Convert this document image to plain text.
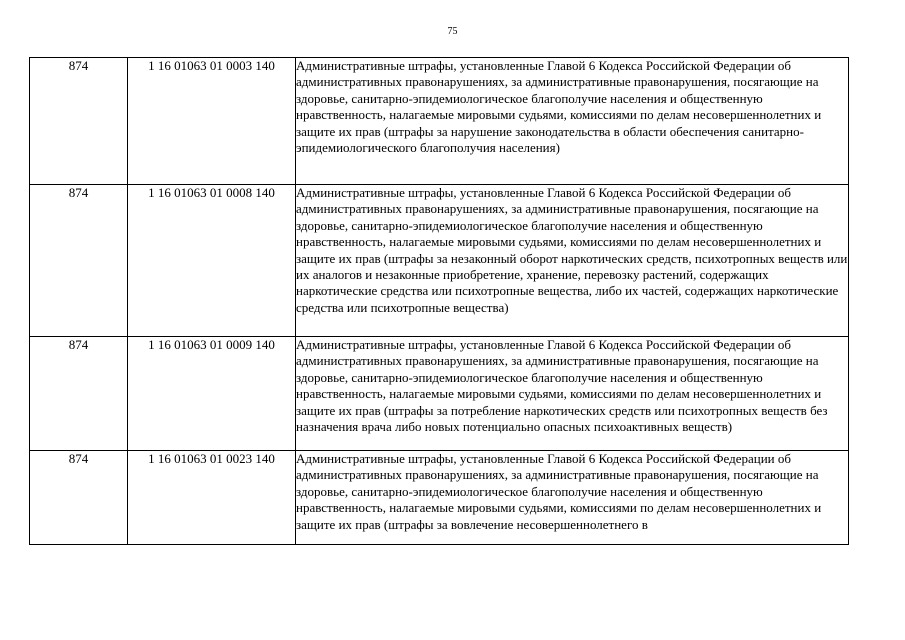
75
874	1 16 01063 01 0003 140	Административные штрафы, установленные Главой 6 Кодекса Российской Федерации об административных правонарушениях, за административные правонарушения, посягающие на здоровье, санитарно-эпидемиологическое благополучие населения и общественную нравственность, налагаемые мировыми судьями, комиссиями по делам несовершеннолетних и защите их прав (штрафы за нарушение законодательства в области обеспечения санитарно-эпидемиологического благополучия населения)

874	1 16 01063 01 0008 140	Административные штрафы, установленные Главой 6 Кодекса Российской Федерации об административных правонарушениях, за административные правонарушения, посягающие на здоровье, санитарно-эпидемиологическое благополучие населения и общественную нравственность, налагаемые мировыми судьями, комиссиями по делам несовершеннолетних и защите их прав (штрафы за незаконный оборот наркотических средств, психотропных веществ или их аналогов и незаконные приобретение, хранение, перевозку растений, содержащих наркотические средства или психотропные вещества, либо их частей, содержащих наркотические средства или психотропные вещества)

874	1 16 01063 01 0009 140	Административные штрафы, установленные Главой 6 Кодекса Российской Федерации об административных правонарушениях, за административные правонарушения, посягающие на здоровье, санитарно-эпидемиологическое благополучие населения и общественную нравственность, налагаемые мировыми судьями, комиссиями по делам несовершеннолетних и защите их прав (штрафы за потребление наркотических средств или психотропных веществ без назначения врача либо новых потенциально опасных психоактивных веществ)

874	1 16 01063 01 0023 140	Административные штрафы, установленные Главой 6 Кодекса Российской Федерации об административных правонарушениях, за административные правонарушения, посягающие на здоровье, санитарно-эпидемиологическое благополучие населения и общественную нравственность, налагаемые мировыми судьями, комиссиями по делам несовершеннолетних и защите их прав (штрафы за вовлечение несовершеннолетнего в
